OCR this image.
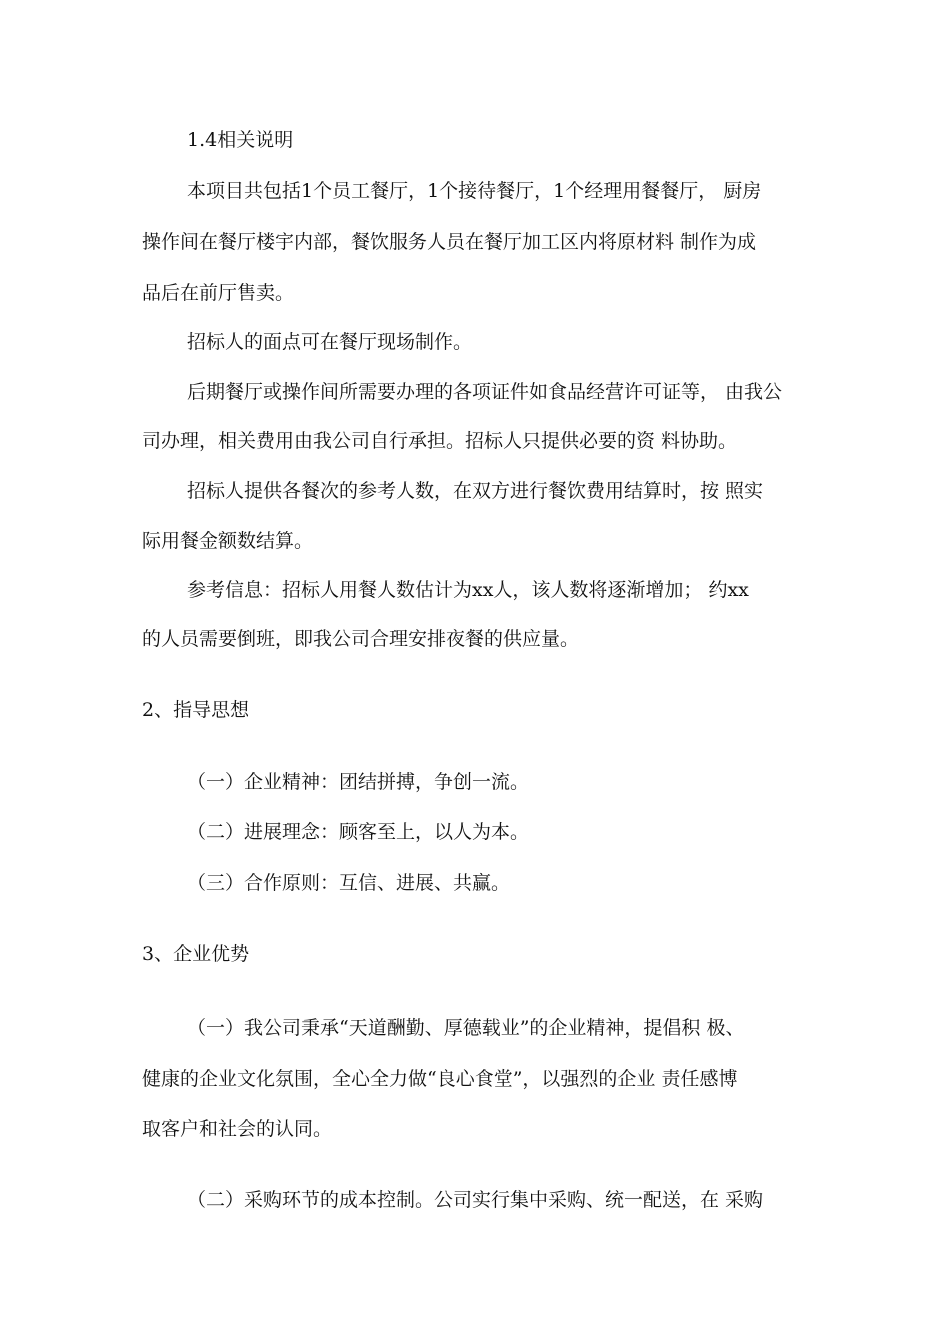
1.4相关说明
本项目共包括1个员工餐厅，1个接待餐厅，1个经理用餐餐厅， 厨房
操作间在餐厅楼宇内部，餐饮服务人员在餐厅加工区内将原材料 制作为成
品后在前厅售卖。
招标人的面点可在餐厅现场制作。
后期餐厅或操作间所需要办理的各项证件如食品经营许可证等， 由我公
司办理，相关费用由我公司自行承担。招标人只提供必要的资 料协助。
招标人提供各餐次的参考人数，在双方进行餐饮费用结算时，按 照实
际用餐金额数结算。
参考信息：招标人用餐人数估计为xx人，该人数将逐渐增加； 约xx
的人员需要倒班，即我公司合理安排夜餐的供应量。
2、指导思想
（一）企业精神：团结拼搏，争创一流。
（二）进展理念：顾客至上，以人为本。
（三）合作原则：互信、进展、共赢。
3、企业优势
（一）我公司秉承“天道酬勤、厚德载业”的企业精神，提倡积 极、
健康的企业文化氛围，全心全力做“良心食堂”，以强烈的企业 责任感博
取客户和社会的认同。
（二）采购环节的成本控制。公司实行集中采购、统一配送，在 采购
